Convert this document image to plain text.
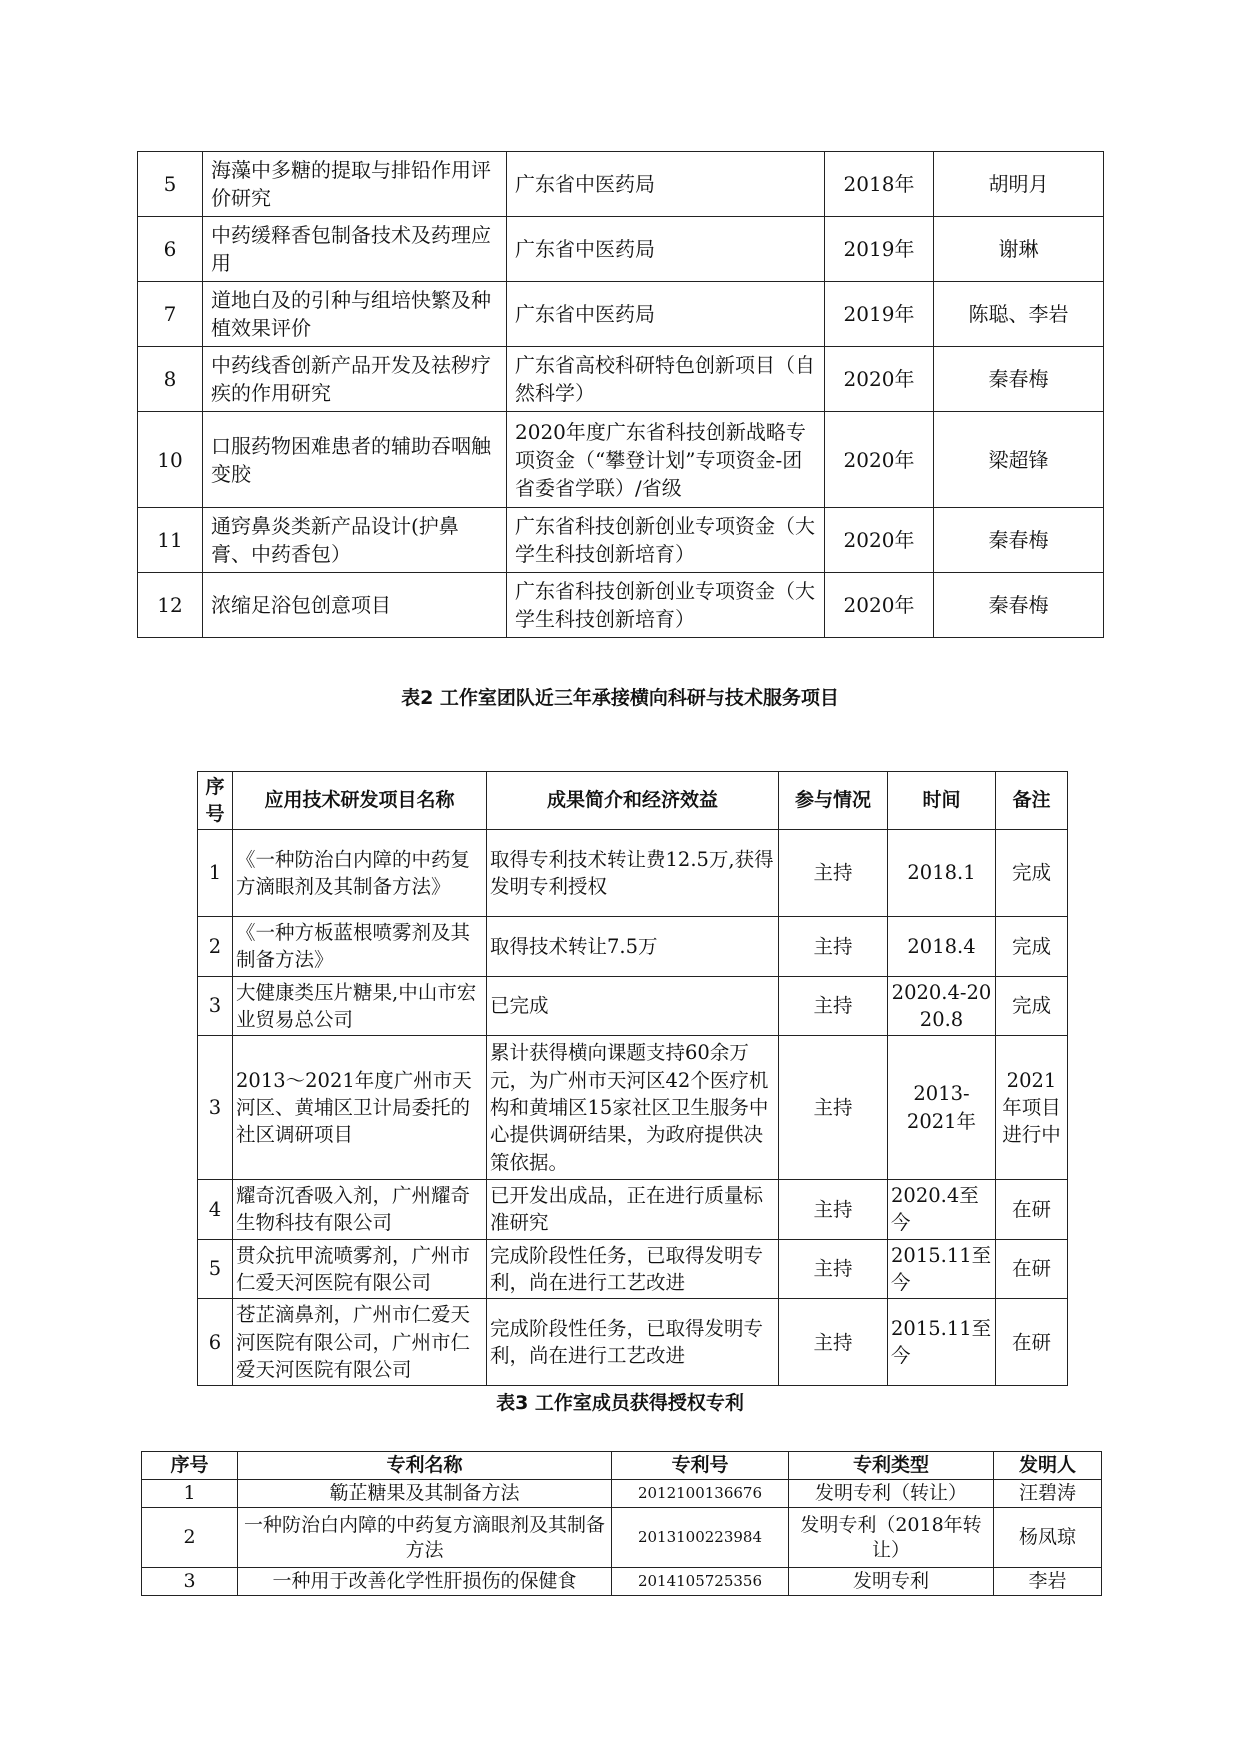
5	海藻中多糖的提取与排铅作用评价研究	广东省中医药局	2018年	胡明月
6	中药缓释香包制备技术及药理应用	广东省中医药局	2019年	谢琳
7	道地白及的引种与组培快繁及种植效果评价	广东省中医药局	2019年	陈聪、李岩
8	中药线香创新产品开发及祛秽疗疾的作用研究	广东省高校科研特色创新项目（自然科学）	2020年	秦春梅
10	口服药物困难患者的辅助吞咽触变胶	2020年度广东省科技创新战略专项资金（“攀登计划”专项资金-团省委省学联）/省级	2020年	梁超锋
11	通窍鼻炎类新产品设计(护鼻膏、中药香包）	广东省科技创新创业专项资金（大学生科技创新培育）	2020年	秦春梅
12	浓缩足浴包创意项目	广东省科技创新创业专项资金（大学生科技创新培育）	2020年	秦春梅
表2 工作室团队近三年承接横向科研与技术服务项目
序号	应用技术研发项目名称	成果简介和经济效益	参与情况	时间	备注
1	《一种防治白内障的中药复方滴眼剂及其制备方法》	取得专利技术转让费12.5万,获得发明专利授权	主持	2018.1	完成
2	《一种方板蓝根喷雾剂及其制备方法》	取得技术转让7.5万	主持	2018.4	完成
3	大健康类压片糖果,中山市宏业贸易总公司	已完成	主持	2020.4-2020.8	完成
3	2013～2021年度广州市天河区、黄埔区卫计局委托的社区调研项目	累计获得横向课题支持60余万元，为广州市天河区42个医疗机构和黄埔区15家社区卫生服务中心提供调研结果，为政府提供决策依据。	主持	2013-2021年	2021年项目进行中
4	耀奇沉香吸入剂，广州耀奇生物科技有限公司	已开发出成品，正在进行质量标准研究	主持	2020.4至今	在研
5	贯众抗甲流喷雾剂，广州市仁爱天河医院有限公司	完成阶段性任务，已取得发明专利，尚在进行工艺改进	主持	2015.11至今	在研
6	苍芷滴鼻剂，广州市仁爱天河医院有限公司，广州市仁爱天河医院有限公司	完成阶段性任务，已取得发明专利，尚在进行工艺改进	主持	2015.11至今	在研
表3 工作室成员获得授权专利
序号	专利名称	专利号	专利类型	发明人
1	簕芷糖果及其制备方法	2012100136676	发明专利（转让）	汪碧涛
2	一种防治白内障的中药复方滴眼剂及其制备方法	2013100223984	发明专利（2018年转让）	杨凤琼
3	一种用于改善化学性肝损伤的保健食	2014105725356	发明专利	李岩
